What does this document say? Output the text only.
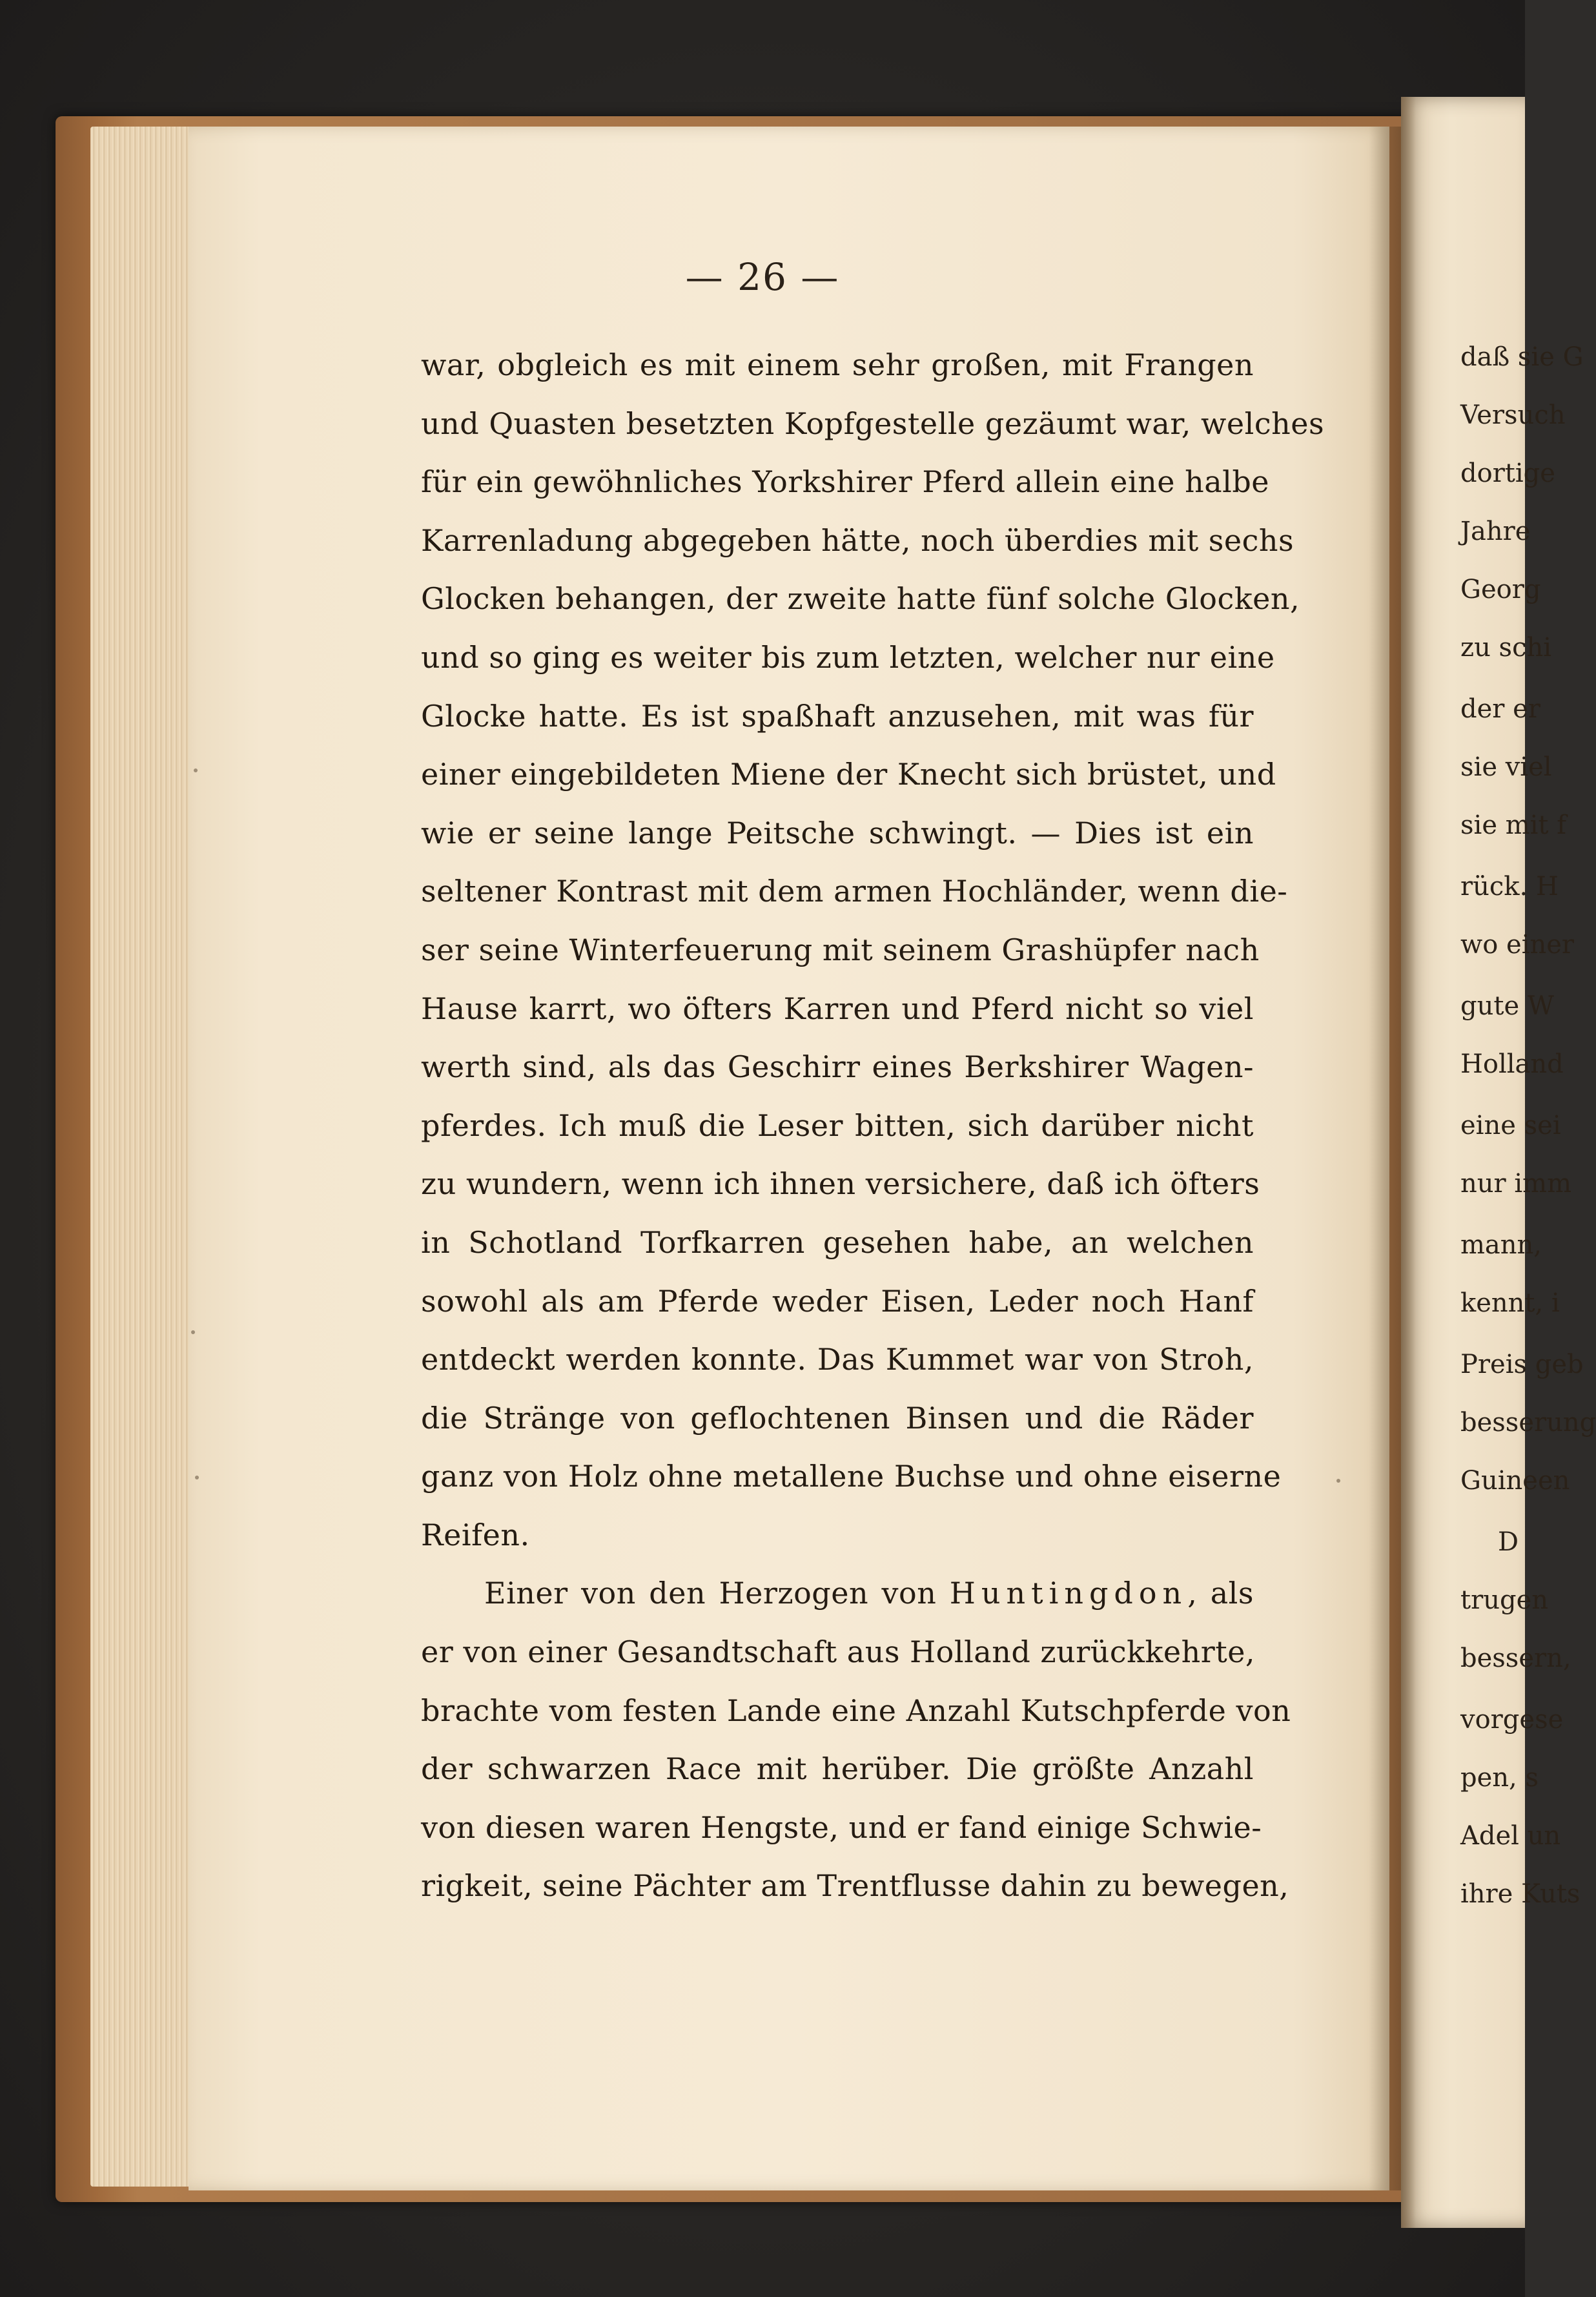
— 26 —
war, obgleich es mit einem sehr großen, mit Frangen
und Quasten besetzten Kopfgestelle gezäumt war, welches
für ein gewöhnliches Yorkshirer Pferd allein eine halbe
Karrenladung abgegeben hätte, noch überdies mit sechs
Glocken behangen, der zweite hatte fünf solche Glocken,
und so ging es weiter bis zum letzten, welcher nur eine
Glocke hatte. Es ist spaßhaft anzusehen, mit was für
einer eingebildeten Miene der Knecht sich brüstet, und
wie er seine lange Peitsche schwingt. — Dies ist ein
seltener Kontrast mit dem armen Hochländer, wenn die-
ser seine Winterfeuerung mit seinem Grashüpfer nach
Hause karrt, wo öfters Karren und Pferd nicht so viel
werth sind, als das Geschirr eines Berkshirer Wagen-
pferdes. Ich muß die Leser bitten, sich darüber nicht
zu wundern, wenn ich ihnen versichere, daß ich öfters
in Schotland Torfkarren gesehen habe, an welchen
sowohl als am Pferde weder Eisen, Leder noch Hanf
entdeckt werden konnte. Das Kummet war von Stroh,
die Stränge von geflochtenen Binsen und die Räder
ganz von Holz ohne metallene Buchse und ohne eiserne
Reifen.
Einer von den Herzogen von Huntingdon, als
er von einer Gesandtschaft aus Holland zurückkehrte,
brachte vom festen Lande eine Anzahl Kutschpferde von
der schwarzen Race mit herüber. Die größte Anzahl
von diesen waren Hengste, und er fand einige Schwie-
rigkeit, seine Pächter am Trentflusse dahin zu bewegen,
daß sie G
Versuch
dortige
Jahre
Georg
zu schi
der er
sie viel
sie mit f
rück. H
wo einer
gute W
Holland
eine sei
nur imm
mann,
kennt, i
Preis geb
besserung
Guineen
D
trugen
bessern,
vorgese
pen, s
Adel un
ihre Kuts
